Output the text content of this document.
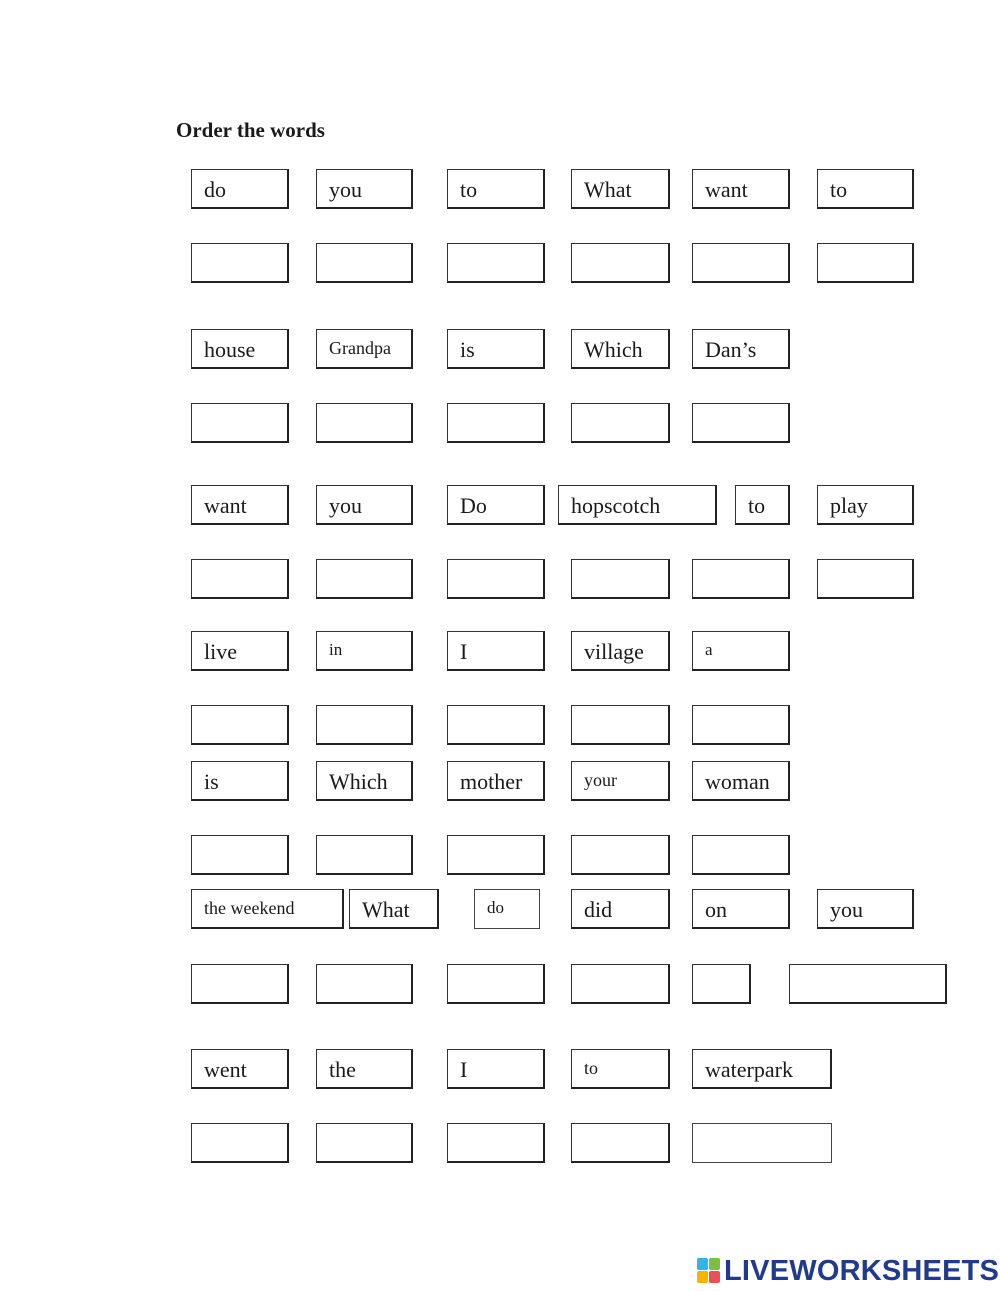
Order the words
do	you	to	What	want	to
house	Grandpa	is	Which	Dan’s
want	you	Do	hopscotch	to	play
live	in	I	village	a
is	Which	mother	your	woman
the weekend	What	do	did	on	you
went	the	I	to	waterpark
LIVEWORKSHEETS
